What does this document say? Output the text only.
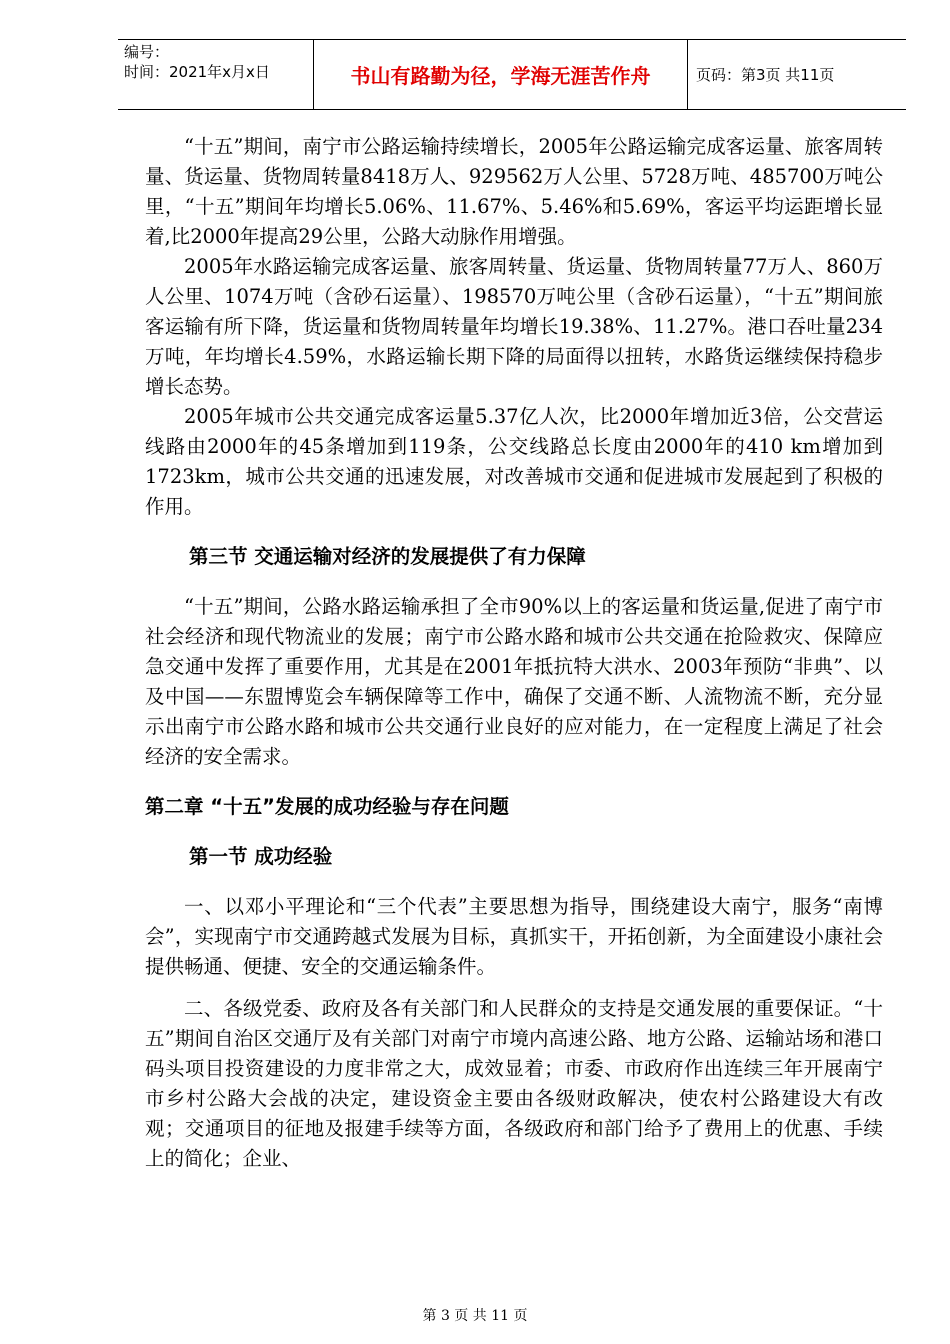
编号：
时间：2021年x月x日	书山有路勤为径，学海无涯苦作舟	页码：第3页 共11页

“十五”期间，南宁市公路运输持续增长，2005年公路运输完成客运量、旅客周转量、货运量、货物周转量8418万人、929562万人公里、5728万吨、485700万吨公里，“十五”期间年均增长5.06%、11.67%、5.46%和5.69%，客运平均运距增长显着,比2000年提高29公里，公路大动脉作用增强。

2005年水路运输完成客运量、旅客周转量、货运量、货物周转量77万人、860万人公里、1074万吨（含砂石运量）、198570万吨公里（含砂石运量），“十五”期间旅客运输有所下降，货运量和货物周转量年均增长19.38%、11.27%。港口吞吐量234万吨，年均增长4.59%，水路运输长期下降的局面得以扭转，水路货运继续保持稳步增长态势。

2005年城市公共交通完成客运量5.37亿人次，比2000年增加近3倍，公交营运线路由2000年的45条增加到119条，公交线路总长度由2000年的410 km增加到1723km，城市公共交通的迅速发展，对改善城市交通和促进城市发展起到了积极的作用。

第三节 交通运输对经济的发展提供了有力保障

“十五”期间，公路水路运输承担了全市90%以上的客运量和货运量,促进了南宁市社会经济和现代物流业的发展；南宁市公路水路和城市公共交通在抢险救灾、保障应急交通中发挥了重要作用，尤其是在2001年抵抗特大洪水、2003年预防“非典”、以及中国——东盟博览会车辆保障等工作中，确保了交通不断、人流物流不断，充分显示出南宁市公路水路和城市公共交通行业良好的应对能力，在一定程度上满足了社会经济的安全需求。

第二章 “十五”发展的成功经验与存在问题
第一节 成功经验

一、以邓小平理论和“三个代表”主要思想为指导，围绕建设大南宁，服务“南博会”，实现南宁市交通跨越式发展为目标，真抓实干，开拓创新，为全面建设小康社会提供畅通、便捷、安全的交通运输条件。

二、各级党委、政府及各有关部门和人民群众的支持是交通发展的重要保证。“十五”期间自治区交通厅及有关部门对南宁市境内高速公路、地方公路、运输站场和港口码头项目投资建设的力度非常之大，成效显着；市委、市政府作出连续三年开展南宁市乡村公路大会战的决定，建设资金主要由各级财政解决，使农村公路建设大有改观；交通项目的征地及报建手续等方面，各级政府和部门给予了费用上的优惠、手续上的简化；企业、

第 3 页 共 11 页
